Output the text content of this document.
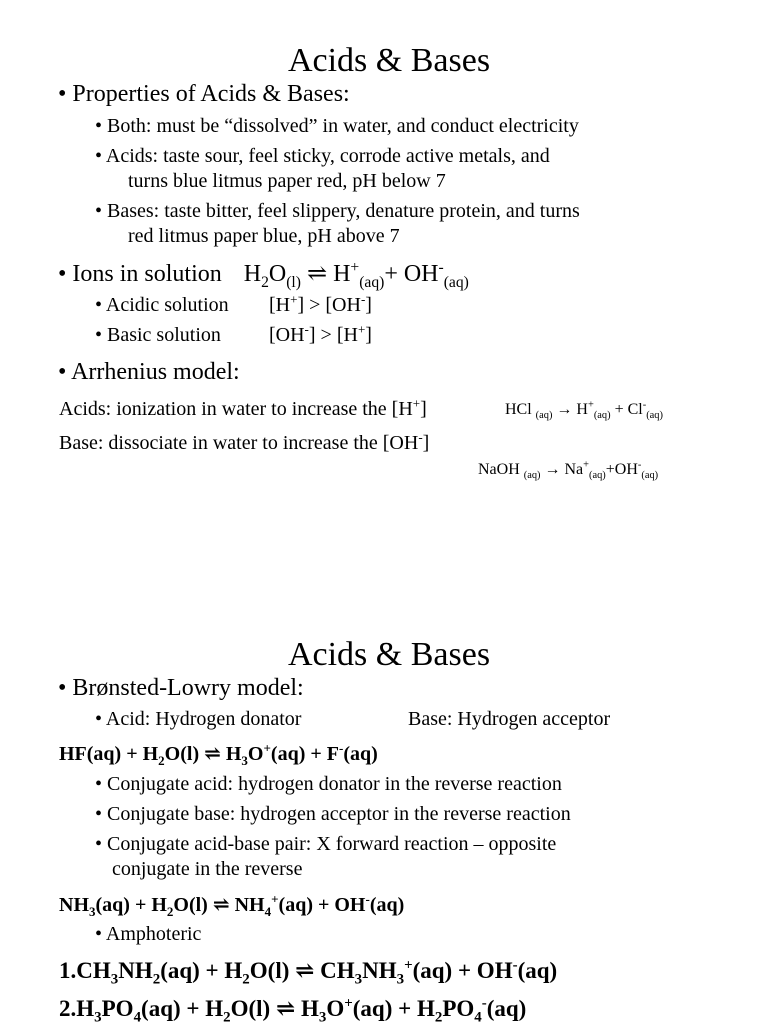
Acids & Bases
• Properties of Acids & Bases:
• Both: must be “dissolved” in water, and conduct electricity
• Acids: taste sour, feel sticky, corrode active metals, and
turns blue litmus paper red, pH below 7
• Bases: taste bitter, feel slippery, denature protein, and turns
red litmus paper blue, pH above 7
• Ions in solution $H_2O_{(l)}$ ⇌ $H^+_{(aq)}+ OH^-_{(aq)}$
• Acidic solution [H+] > [OH-]
• Basic solution [OH-] > [H+]
• Arrhenius model:
Acids: ionization in water to increase the [H+]	HCl $_{(aq)} \to H^+_{(aq)} + Cl^-_{(aq)}$
Base: dissociate in water to increase the [OH-]
NaOH $_{(aq)} \to Na^+_{(aq)}+OH^-_{(aq)}$
Acids & Bases
• Brønsted-Lowry model:
• Acid: Hydrogen donator	Base: Hydrogen acceptor
$HF(aq) + H_2O(l)$ ⇌ $H_3O^+(aq) + F^-(aq)$
• Conjugate acid: hydrogen donator in the reverse reaction
• Conjugate base: hydrogen acceptor in the reverse reaction
• Conjugate acid-base pair: X forward reaction – opposite
conjugate in the reverse
$NH_3(aq) + H_2O(l)$ ⇌ $NH_4^+(aq) + OH^-(aq)$
• Amphoteric
$1.CH_3NH_2(aq) + H_2O(l)$ ⇌ $CH_3NH_3^+(aq) + OH^-(aq)$
$2.H_3PO_4(aq) + H_2O(l)$ ⇌ $H_3O^+(aq) + H_2PO_4^-(aq)$
